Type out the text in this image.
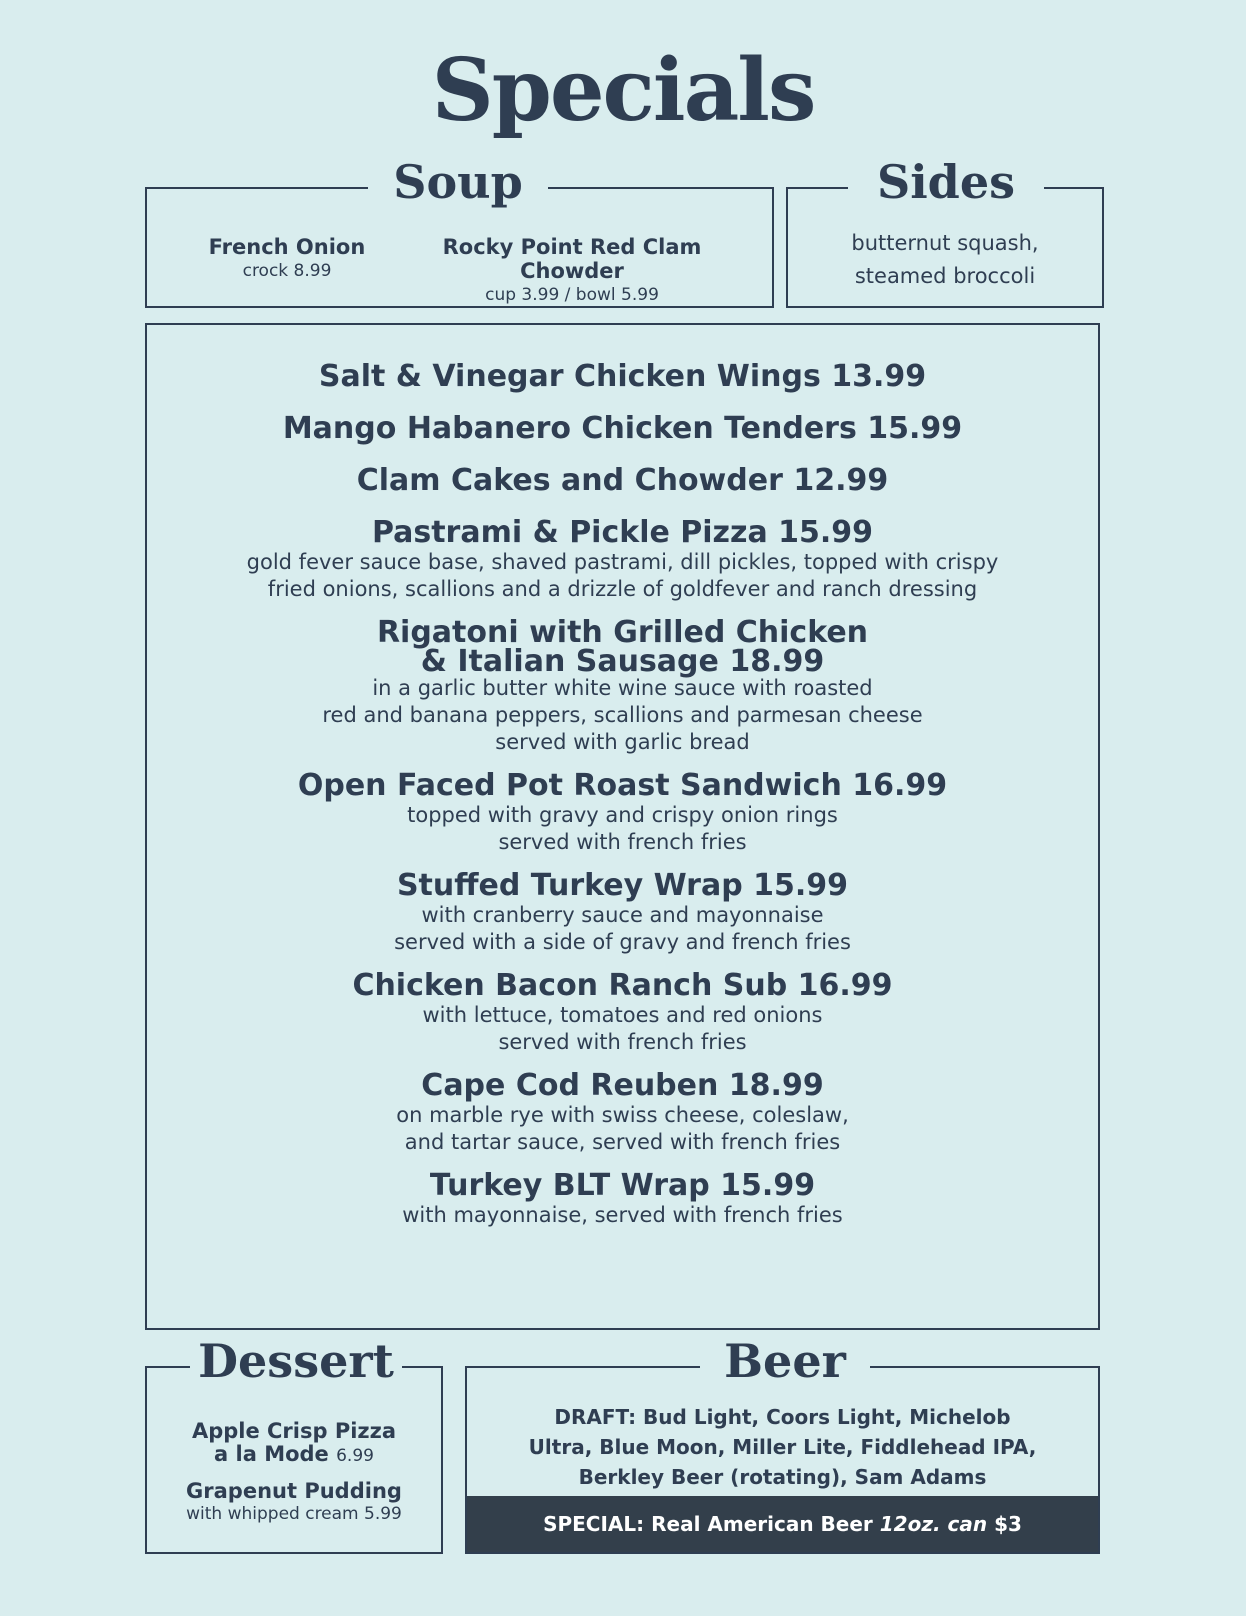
Specials
Soup
French Onion
crock 8.99
Rocky Point Red Clam Chowder
cup 3.99 / bowl 5.99
Sides
butternut squash,
steamed broccoli
Salt & Vinegar Chicken Wings 13.99
Mango Habanero Chicken Tenders 15.99
Clam Cakes and Chowder 12.99
Pastrami & Pickle Pizza 15.99
gold fever sauce base, shaved pastrami, dill pickles, topped with crispy
fried onions, scallions and a drizzle of goldfever and ranch dressing
Rigatoni with Grilled Chicken
& Italian Sausage 18.99
in a garlic butter white wine sauce with roasted
red and banana peppers, scallions and parmesan cheese
served with garlic bread
Open Faced Pot Roast Sandwich 16.99
topped with gravy and crispy onion rings
served with french fries
Stuffed Turkey Wrap 15.99
with cranberry sauce and mayonnaise
served with a side of gravy and french fries
Chicken Bacon Ranch Sub 16.99
with lettuce, tomatoes and red onions
served with french fries
Cape Cod Reuben 18.99
on marble rye with swiss cheese, coleslaw,
and tartar sauce, served with french fries
Turkey BLT Wrap 15.99
with mayonnaise, served with french fries
Dessert
Apple Crisp Pizza
a la Mode 6.99
Grapenut Pudding
with whipped cream 5.99
Beer
DRAFT: Bud Light, Coors Light, Michelob Ultra, Blue Moon, Miller Lite, Fiddlehead IPA, Berkley Beer (rotating), Sam Adams
SPECIAL: Real American Beer 12oz. can $3
